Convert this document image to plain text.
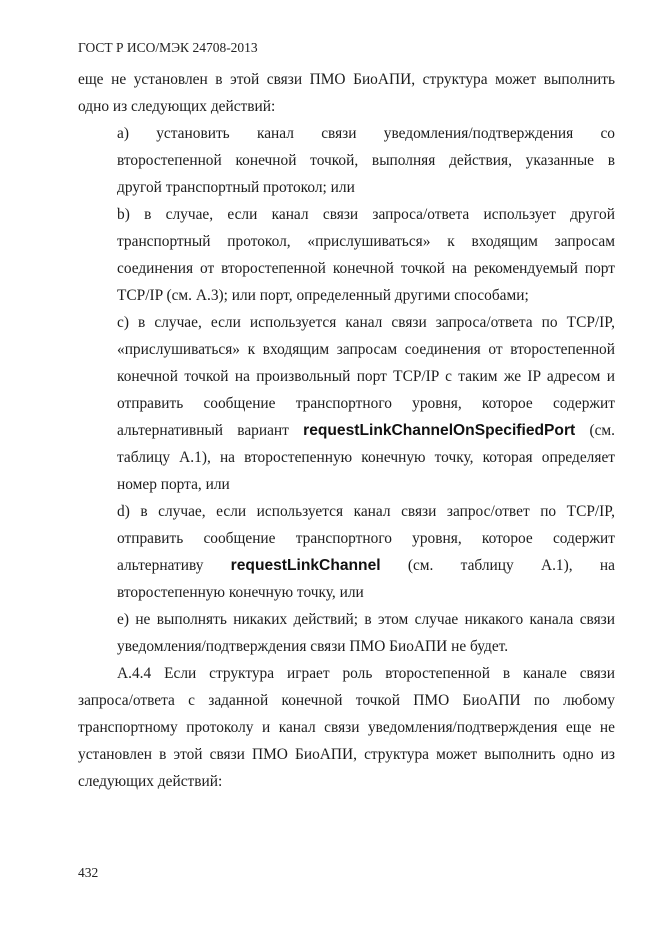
ГОСТ Р ИСО/МЭК 24708-2013
еще не установлен в этой связи ПМО БиоАПИ, структура может выполнить
одно из следующих действий:
a) установить канал связи уведомления/подтверждения со
второстепенной конечной точкой, выполняя действия, указанные в
другой транспортный протокол; или
b) в случае, если канал связи запроса/ответа использует другой
транспортный протокол, «прислушиваться» к входящим запросам
соединения от второстепенной конечной точкой на рекомендуемый порт
TCP/IP (см. А.3); или порт, определенный другими способами;
c) в случае, если используется канал связи запроса/ответа по TCP/IP,
«прислушиваться» к входящим запросам соединения от второстепенной
конечной точкой на произвольный порт TCP/IP с таким же IP адресом и
отправить сообщение транспортного уровня, которое содержит
альтернативный вариант requestLinkChannelOnSpecifiedPort (см.
таблицу А.1), на второстепенную конечную точку, которая определяет
номер порта, или
d) в случае, если используется канал связи запрос/ответ по TCP/IP,
отправить сообщение транспортного уровня, которое содержит
альтернативу requestLinkChannel (см. таблицу А.1), на
второстепенную конечную точку, или
e) не выполнять никаких действий; в этом случае никакого канала связи
уведомления/подтверждения связи ПМО БиоАПИ не будет.
А.4.4 Если структура играет роль второстепенной в канале связи
запроса/ответа с заданной конечной точкой ПМО БиоАПИ по любому
транспортному протоколу и канал связи уведомления/подтверждения еще не
установлен в этой связи ПМО БиоАПИ, структура может выполнить одно из
следующих действий:
432
